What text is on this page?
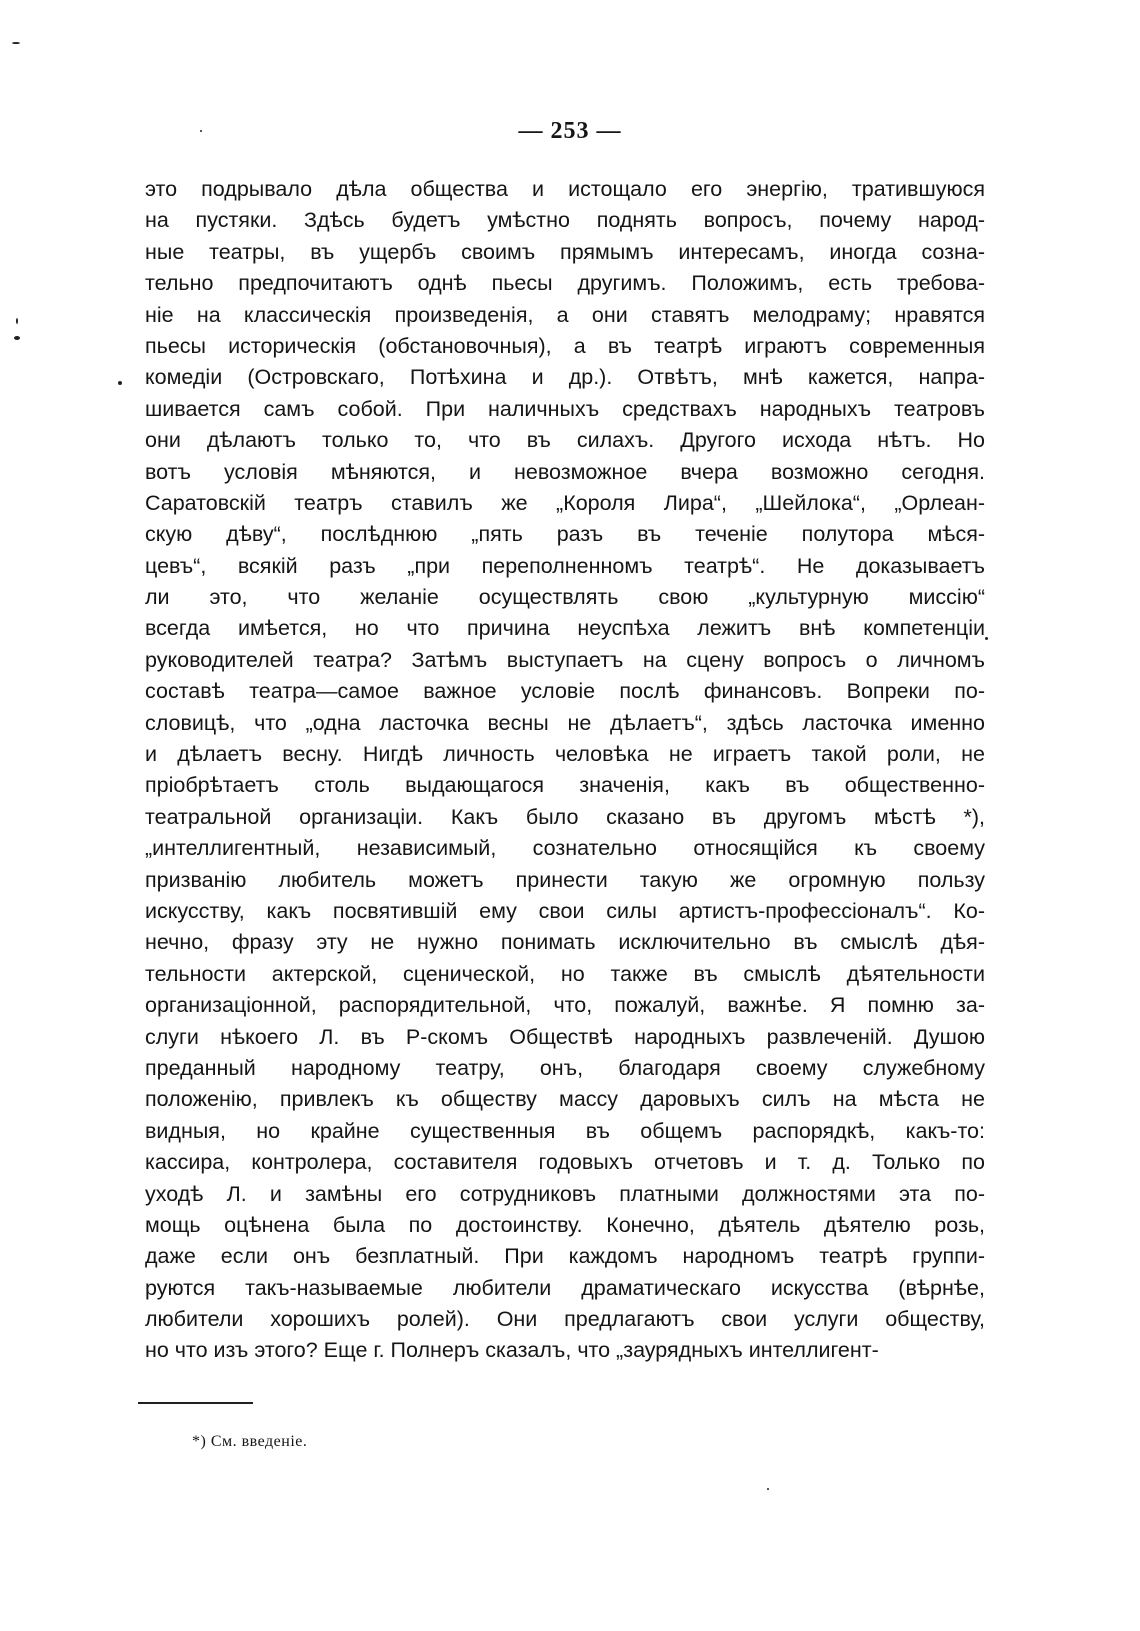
— 253 —
это подрывало дѣла общества и истощало его энергію, тратившуюся
на пустяки. Здѣсь будетъ умѣстно поднять вопросъ, почему народ-
ные театры, въ ущербъ своимъ прямымъ интересамъ, иногда созна-
тельно предпочитаютъ однѣ пьесы другимъ. Положимъ, есть требова-
ніе на классическія произведенія, а они ставятъ мелодраму; нравятся
пьесы историческія (обстановочныя), а въ театрѣ играютъ современныя
комедіи (Островскаго, Потѣхина и др.). Отвѣтъ, мнѣ кажется, напра-
шивается самъ собой. При наличныхъ средствахъ народныхъ театровъ
они дѣлаютъ только то, что въ силахъ. Другого исхода нѣтъ. Но
вотъ условія мѣняются, и невозможное вчера возможно сегодня.
Саратовскій театръ ставилъ же „Короля Лира“, „Шейлока“, „Орлеан-
скую дѣву“, послѣднюю „пять разъ въ теченіе полутора мѣся-
цевъ“, всякій разъ „при переполненномъ театрѣ“. Не доказываетъ
ли это, что желаніе осуществлять свою „культурную миссію“
всегда имѣется, но что причина неуспѣха лежитъ внѣ компетенціи
руководителей театра? Затѣмъ выступаетъ на сцену вопросъ о личномъ
составѣ театра—самое важное условіе послѣ финансовъ. Вопреки по-
словицѣ, что „одна ласточка весны не дѣлаетъ“, здѣсь ласточка именно
и дѣлаетъ весну. Нигдѣ личность человѣка не играетъ такой роли, не
пріобрѣтаетъ столь выдающагося значенія, какъ въ общественно-
театральной организаціи. Какъ было сказано въ другомъ мѣстѣ *),
„интеллигентный, независимый, сознательно относящійся къ своему
призванію любитель можетъ принести такую же огромную пользу
искусству, какъ посвятившій ему свои силы артистъ-профессіоналъ“. Ко-
нечно, фразу эту не нужно понимать исключительно въ смыслѣ дѣя-
тельности актерской, сценической, но также въ смыслѣ дѣятельности
организаціонной, распорядительной, что, пожалуй, важнѣе. Я помню за-
слуги нѣкоего Л. въ Р-скомъ Обществѣ народныхъ развлеченій. Душою
преданный народному театру, онъ, благодаря своему служебному
положенію, привлекъ къ обществу массу даровыхъ силъ на мѣста не
видныя, но крайне существенныя въ общемъ распорядкѣ, какъ-то:
кассира, контролера, составителя годовыхъ отчетовъ и т. д. Только по
уходѣ Л. и замѣны его сотрудниковъ платными должностями эта по-
мощь оцѣнена была по достоинству. Конечно, дѣятель дѣятелю розь,
даже если онъ безплатный. При каждомъ народномъ театрѣ группи-
руются такъ-называемые любители драматическаго искусства (вѣрнѣе,
любители хорошихъ ролей). Они предлагаютъ свои услуги обществу,
но что изъ этого? Еще г. Полнеръ сказалъ, что „заурядныхъ интеллигент-
*) См. введеніе.
